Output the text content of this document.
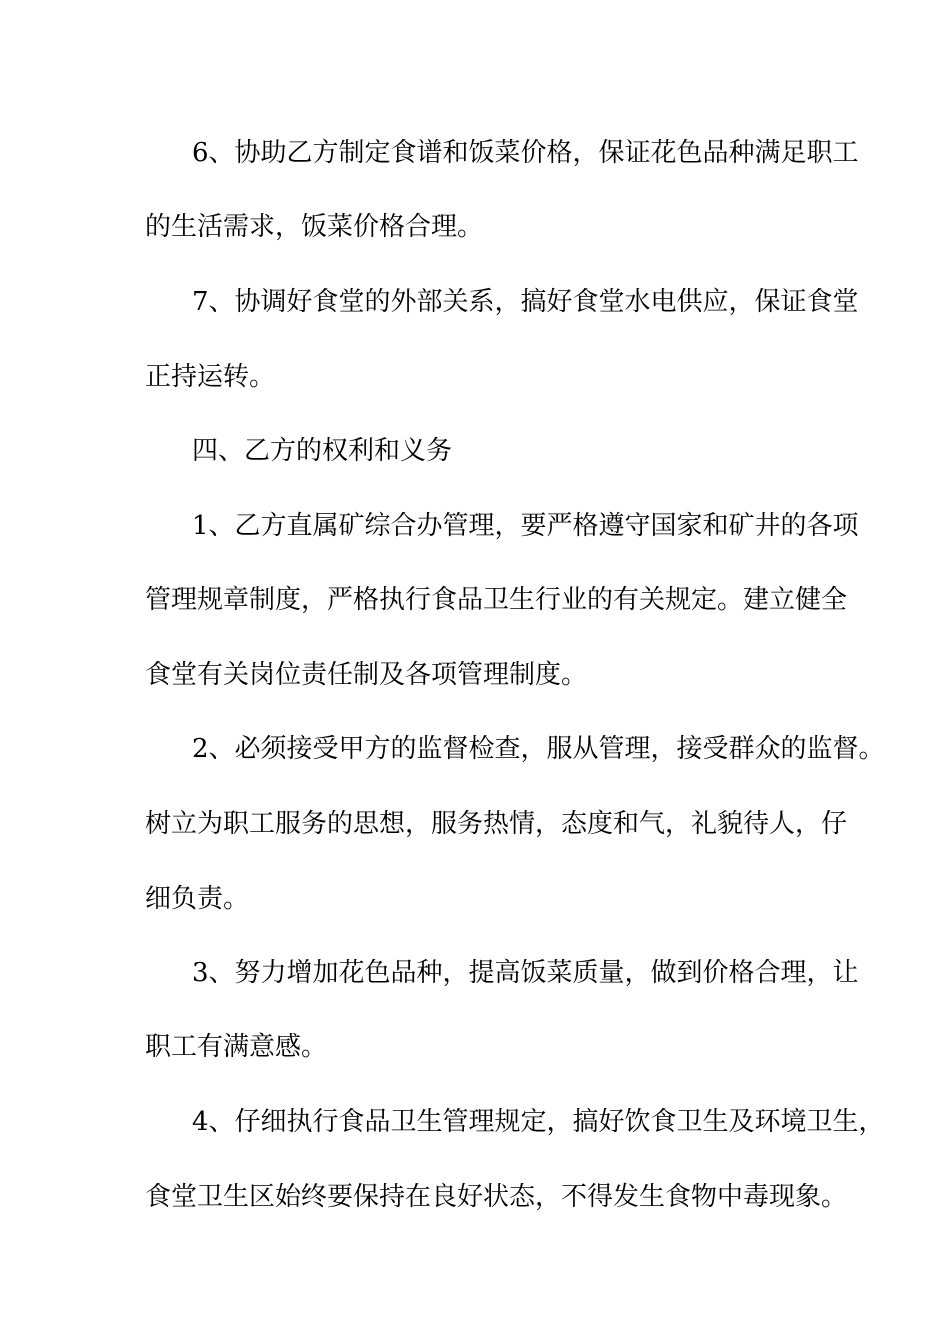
6、协助乙方制定食谱和饭菜价格，保证花色品种满足职工
的生活需求，饭菜价格合理。
7、协调好食堂的外部关系，搞好食堂水电供应，保证食堂
正持运转。
四、乙方的权利和义务
1、乙方直属矿综合办管理，要严格遵守国家和矿井的各项
管理规章制度，严格执行食品卫生行业的有关规定。建立健全
食堂有关岗位责任制及各项管理制度。
2、必须接受甲方的监督检查，服从管理，接受群众的监督。
树立为职工服务的思想，服务热情，态度和气，礼貌待人，仔
细负责。
3、努力增加花色品种，提高饭菜质量，做到价格合理，让
职工有满意感。
4、仔细执行食品卫生管理规定，搞好饮食卫生及环境卫生，
食堂卫生区始终要保持在良好状态，不得发生食物中毒现象。
